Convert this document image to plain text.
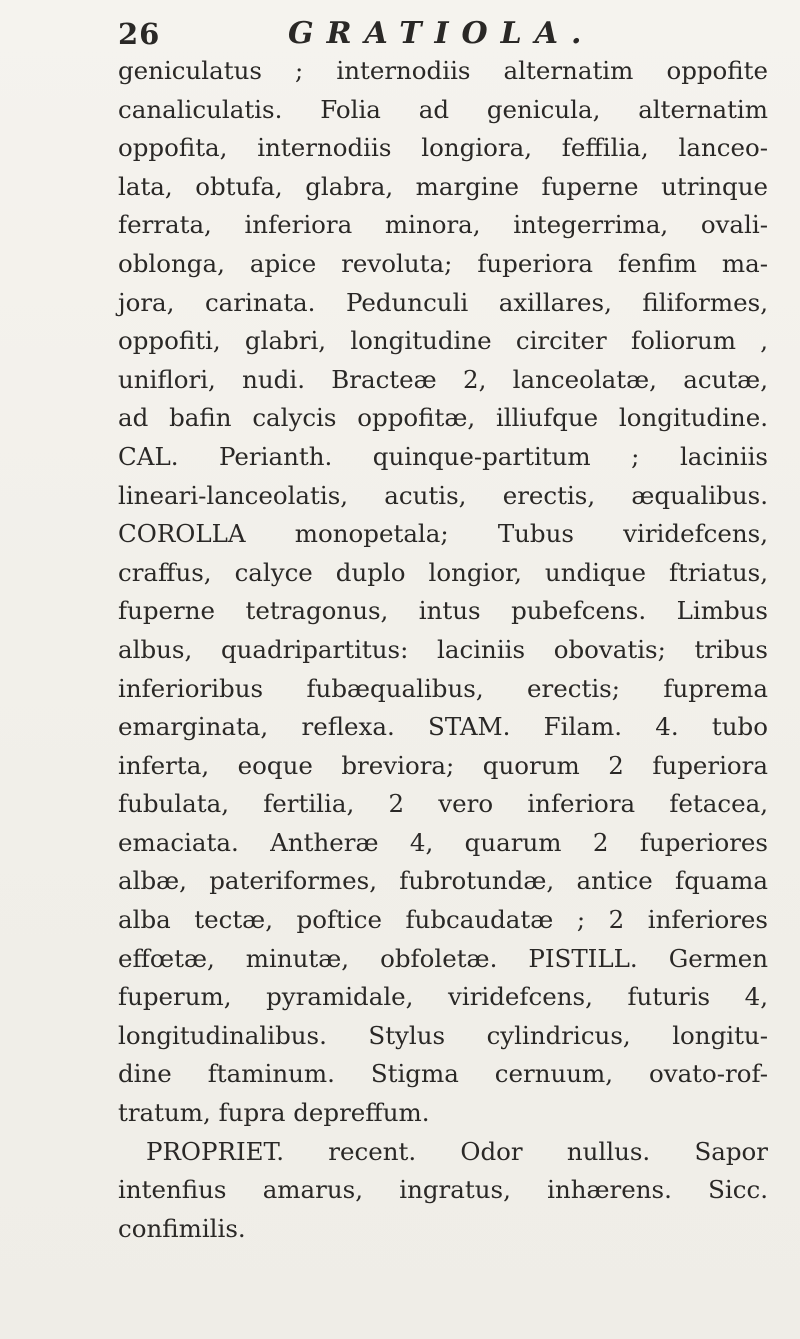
26	GRATIOLA.
geniculatus ; internodiis alternatim oppofite
canaliculatis. Folia ad genicula, alternatim
oppofita, internodiis longiora, feffilia, lanceo-
lata, obtufa, glabra, margine fuperne utrinque
ferrata, inferiora minora, integerrima, ovali-
oblonga, apice revoluta; fuperiora fenfim ma-
jora, carinata. Pedunculi axillares, filiformes,
oppofiti, glabri, longitudine circiter foliorum ,
uniflori, nudi. Bracteæ 2, lanceolatæ, acutæ,
ad bafin calycis oppofitæ, illiufque longitudine.
CAL. Perianth. quinque-partitum ; laciniis
lineari-lanceolatis, acutis, erectis, æqualibus.
COROLLA monopetala; Tubus viridefcens,
craffus, calyce duplo longior, undique ftriatus,
fuperne tetragonus, intus pubefcens. Limbus
albus, quadripartitus: laciniis obovatis; tribus
inferioribus fubæqualibus, erectis; fuprema
emarginata, reflexa. STAM. Filam. 4. tubo
inferta, eoque breviora; quorum 2 fuperiora
fubulata, fertilia, 2 vero inferiora fetacea,
emaciata. Antheræ 4, quarum 2 fuperiores
albæ, pateriformes, fubrotundæ, antice fquama
alba tectæ, poftice fubcaudatæ ; 2 inferiores
effœtæ, minutæ, obfoletæ. PISTILL. Germen
fuperum, pyramidale, viridefcens, futuris 4,
longitudinalibus. Stylus cylindricus, longitu-
dine ftaminum. Stigma cernuum, ovato-rof-
tratum, fupra depreffum.
PROPRIET. recent. Odor nullus. Sapor
intenfius amarus, ingratus, inhærens. Sicc.
confimilis.
